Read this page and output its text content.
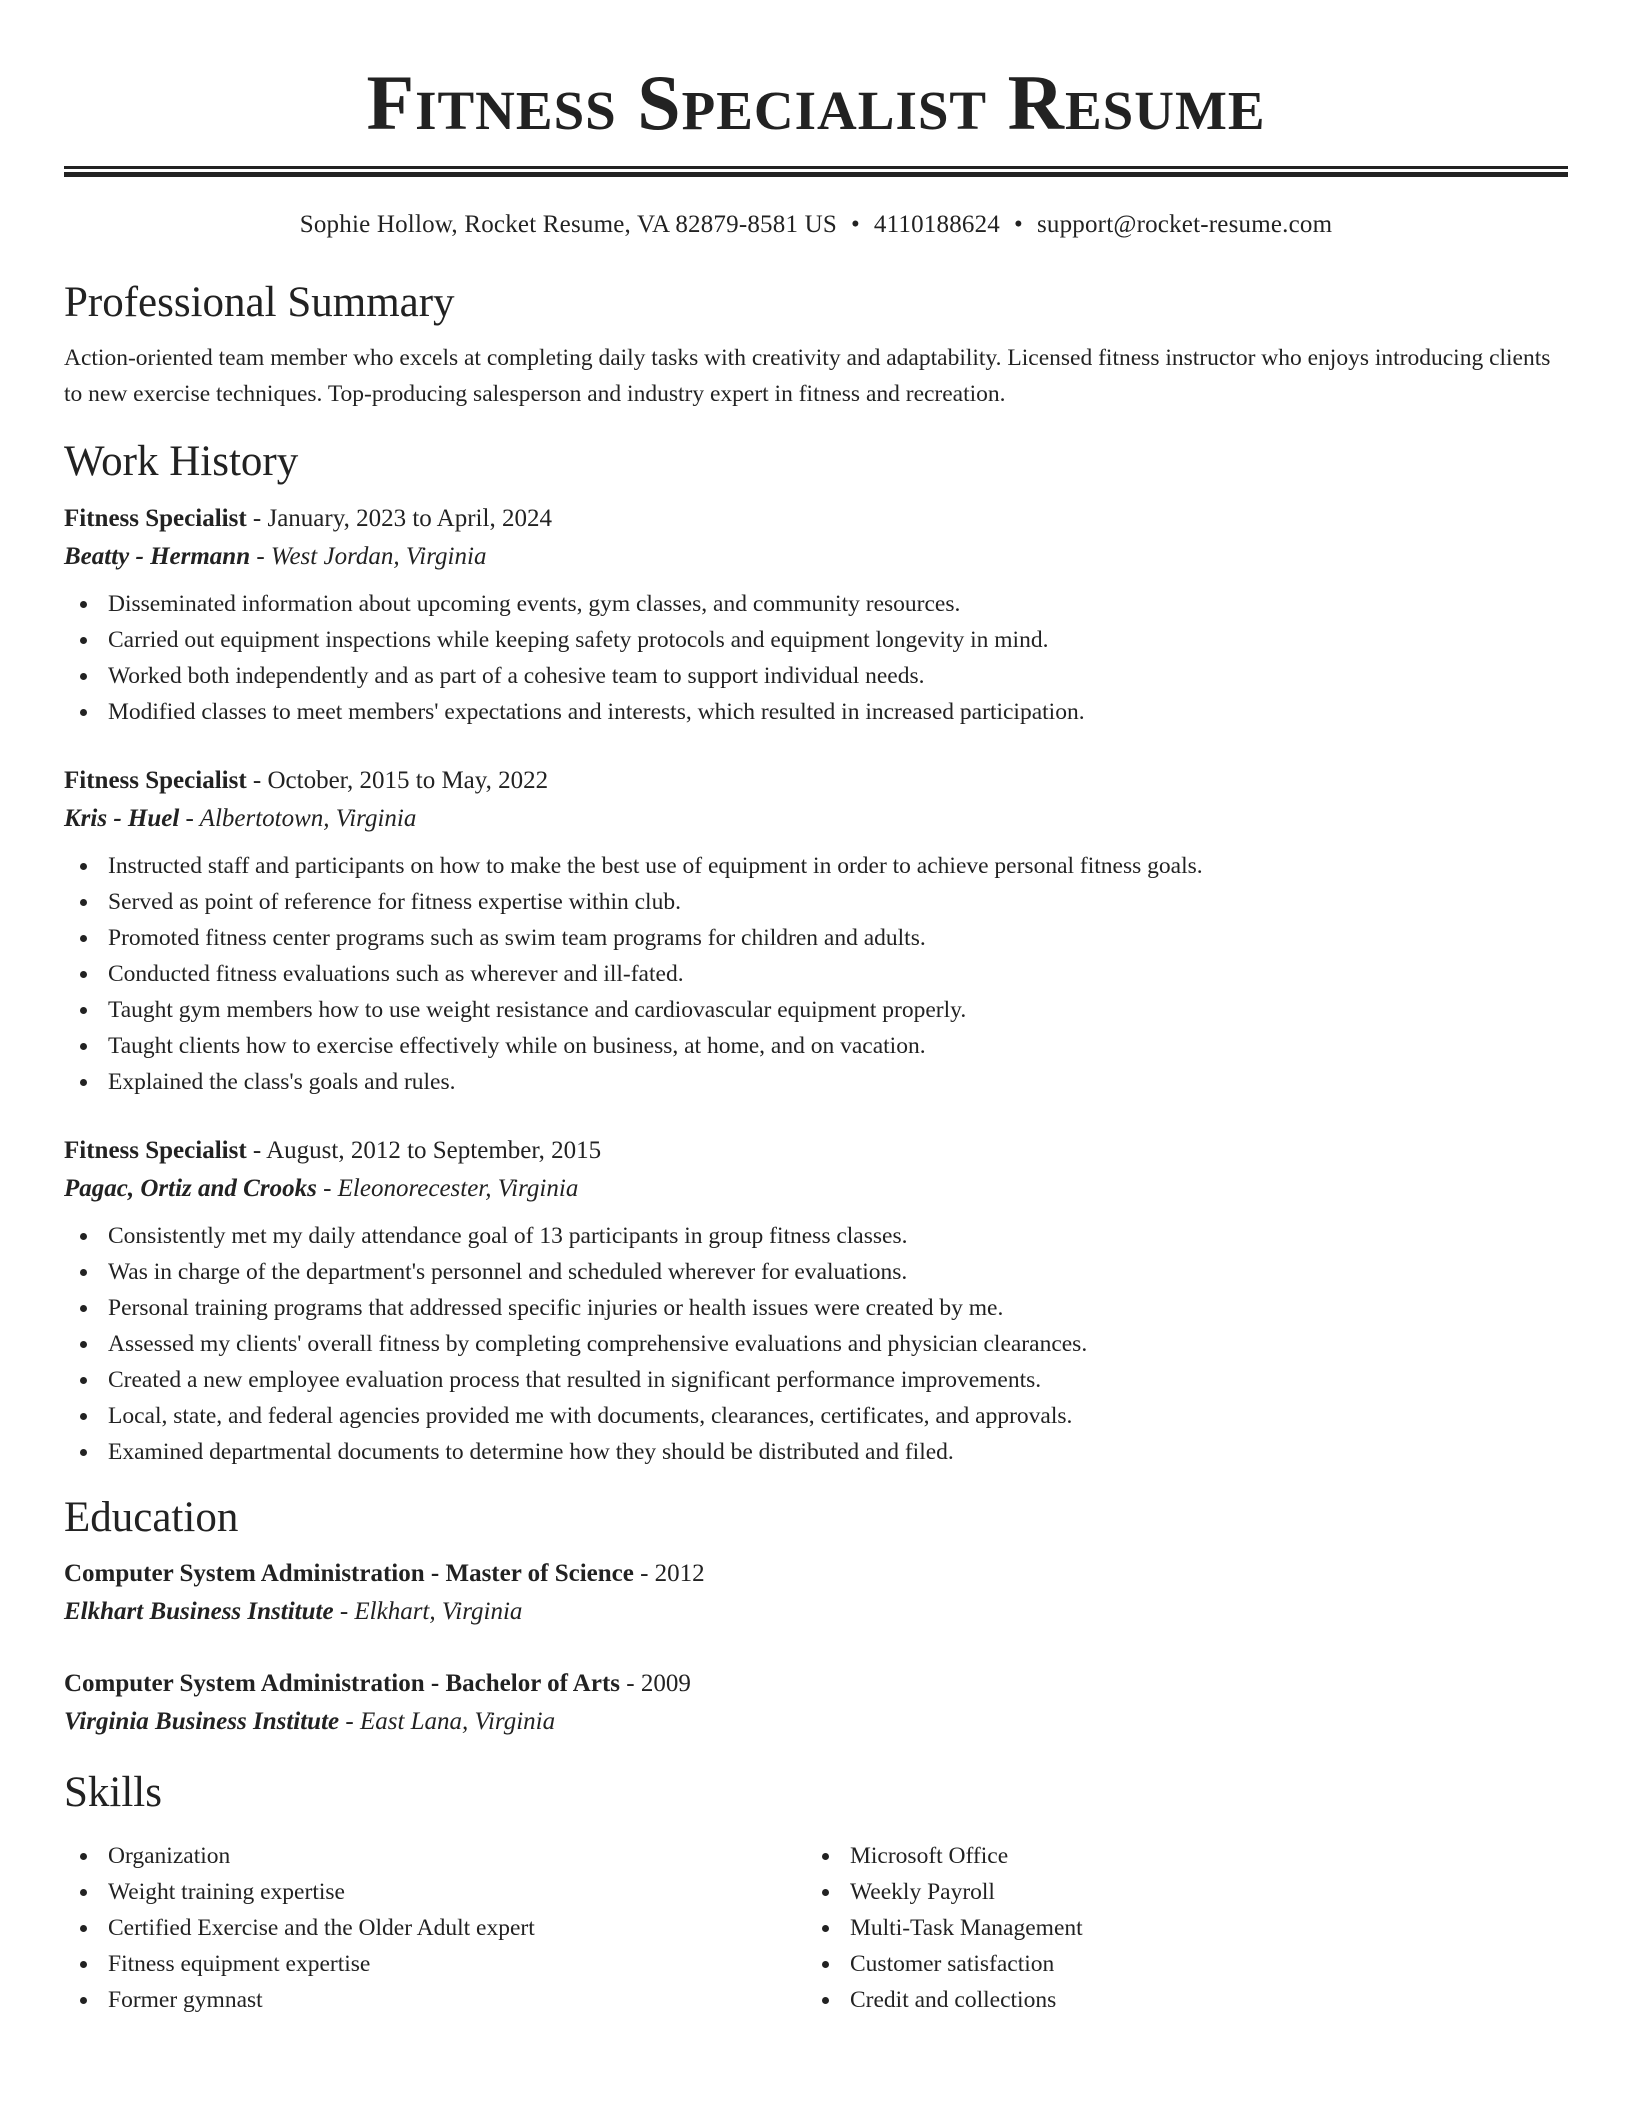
Fitness Specialist Resume
Sophie Hollow, Rocket Resume, VA 82879-8581 US • 4110188624 • support@rocket-resume.com
Professional Summary

Action-oriented team member who excels at completing daily tasks with creativity and adaptability. Licensed fitness instructor who enjoys introducing clients to new exercise techniques. Top-producing salesperson and industry expert in fitness and recreation.

Work History
Fitness Specialist - January, 2023 to April, 2024
Beatty - Hermann - West Jordan, Virginia
Disseminated information about upcoming events, gym classes, and community resources.
Carried out equipment inspections while keeping safety protocols and equipment longevity in mind.
Worked both independently and as part of a cohesive team to support individual needs.
Modified classes to meet members' expectations and interests, which resulted in increased participation.
Fitness Specialist - October, 2015 to May, 2022
Kris - Huel - Albertotown, Virginia
Instructed staff and participants on how to make the best use of equipment in order to achieve personal fitness goals.
Served as point of reference for fitness expertise within club.
Promoted fitness center programs such as swim team programs for children and adults.
Conducted fitness evaluations such as wherever and ill-fated.
Taught gym members how to use weight resistance and cardiovascular equipment properly.
Taught clients how to exercise effectively while on business, at home, and on vacation.
Explained the class's goals and rules.
Fitness Specialist - August, 2012 to September, 2015
Pagac, Ortiz and Crooks - Eleonorecester, Virginia
Consistently met my daily attendance goal of 13 participants in group fitness classes.
Was in charge of the department's personnel and scheduled wherever for evaluations.
Personal training programs that addressed specific injuries or health issues were created by me.
Assessed my clients' overall fitness by completing comprehensive evaluations and physician clearances.
Created a new employee evaluation process that resulted in significant performance improvements.
Local, state, and federal agencies provided me with documents, clearances, certificates, and approvals.
Examined departmental documents to determine how they should be distributed and filed.
Education
Computer System Administration - Master of Science - 2012
Elkhart Business Institute - Elkhart, Virginia
Computer System Administration - Bachelor of Arts - 2009
Virginia Business Institute - East Lana, Virginia
Skills
Organization
Weight training expertise
Certified Exercise and the Older Adult expert
Fitness equipment expertise
Former gymnast
Microsoft Office
Weekly Payroll
Multi-Task Management
Customer satisfaction
Credit and collections
